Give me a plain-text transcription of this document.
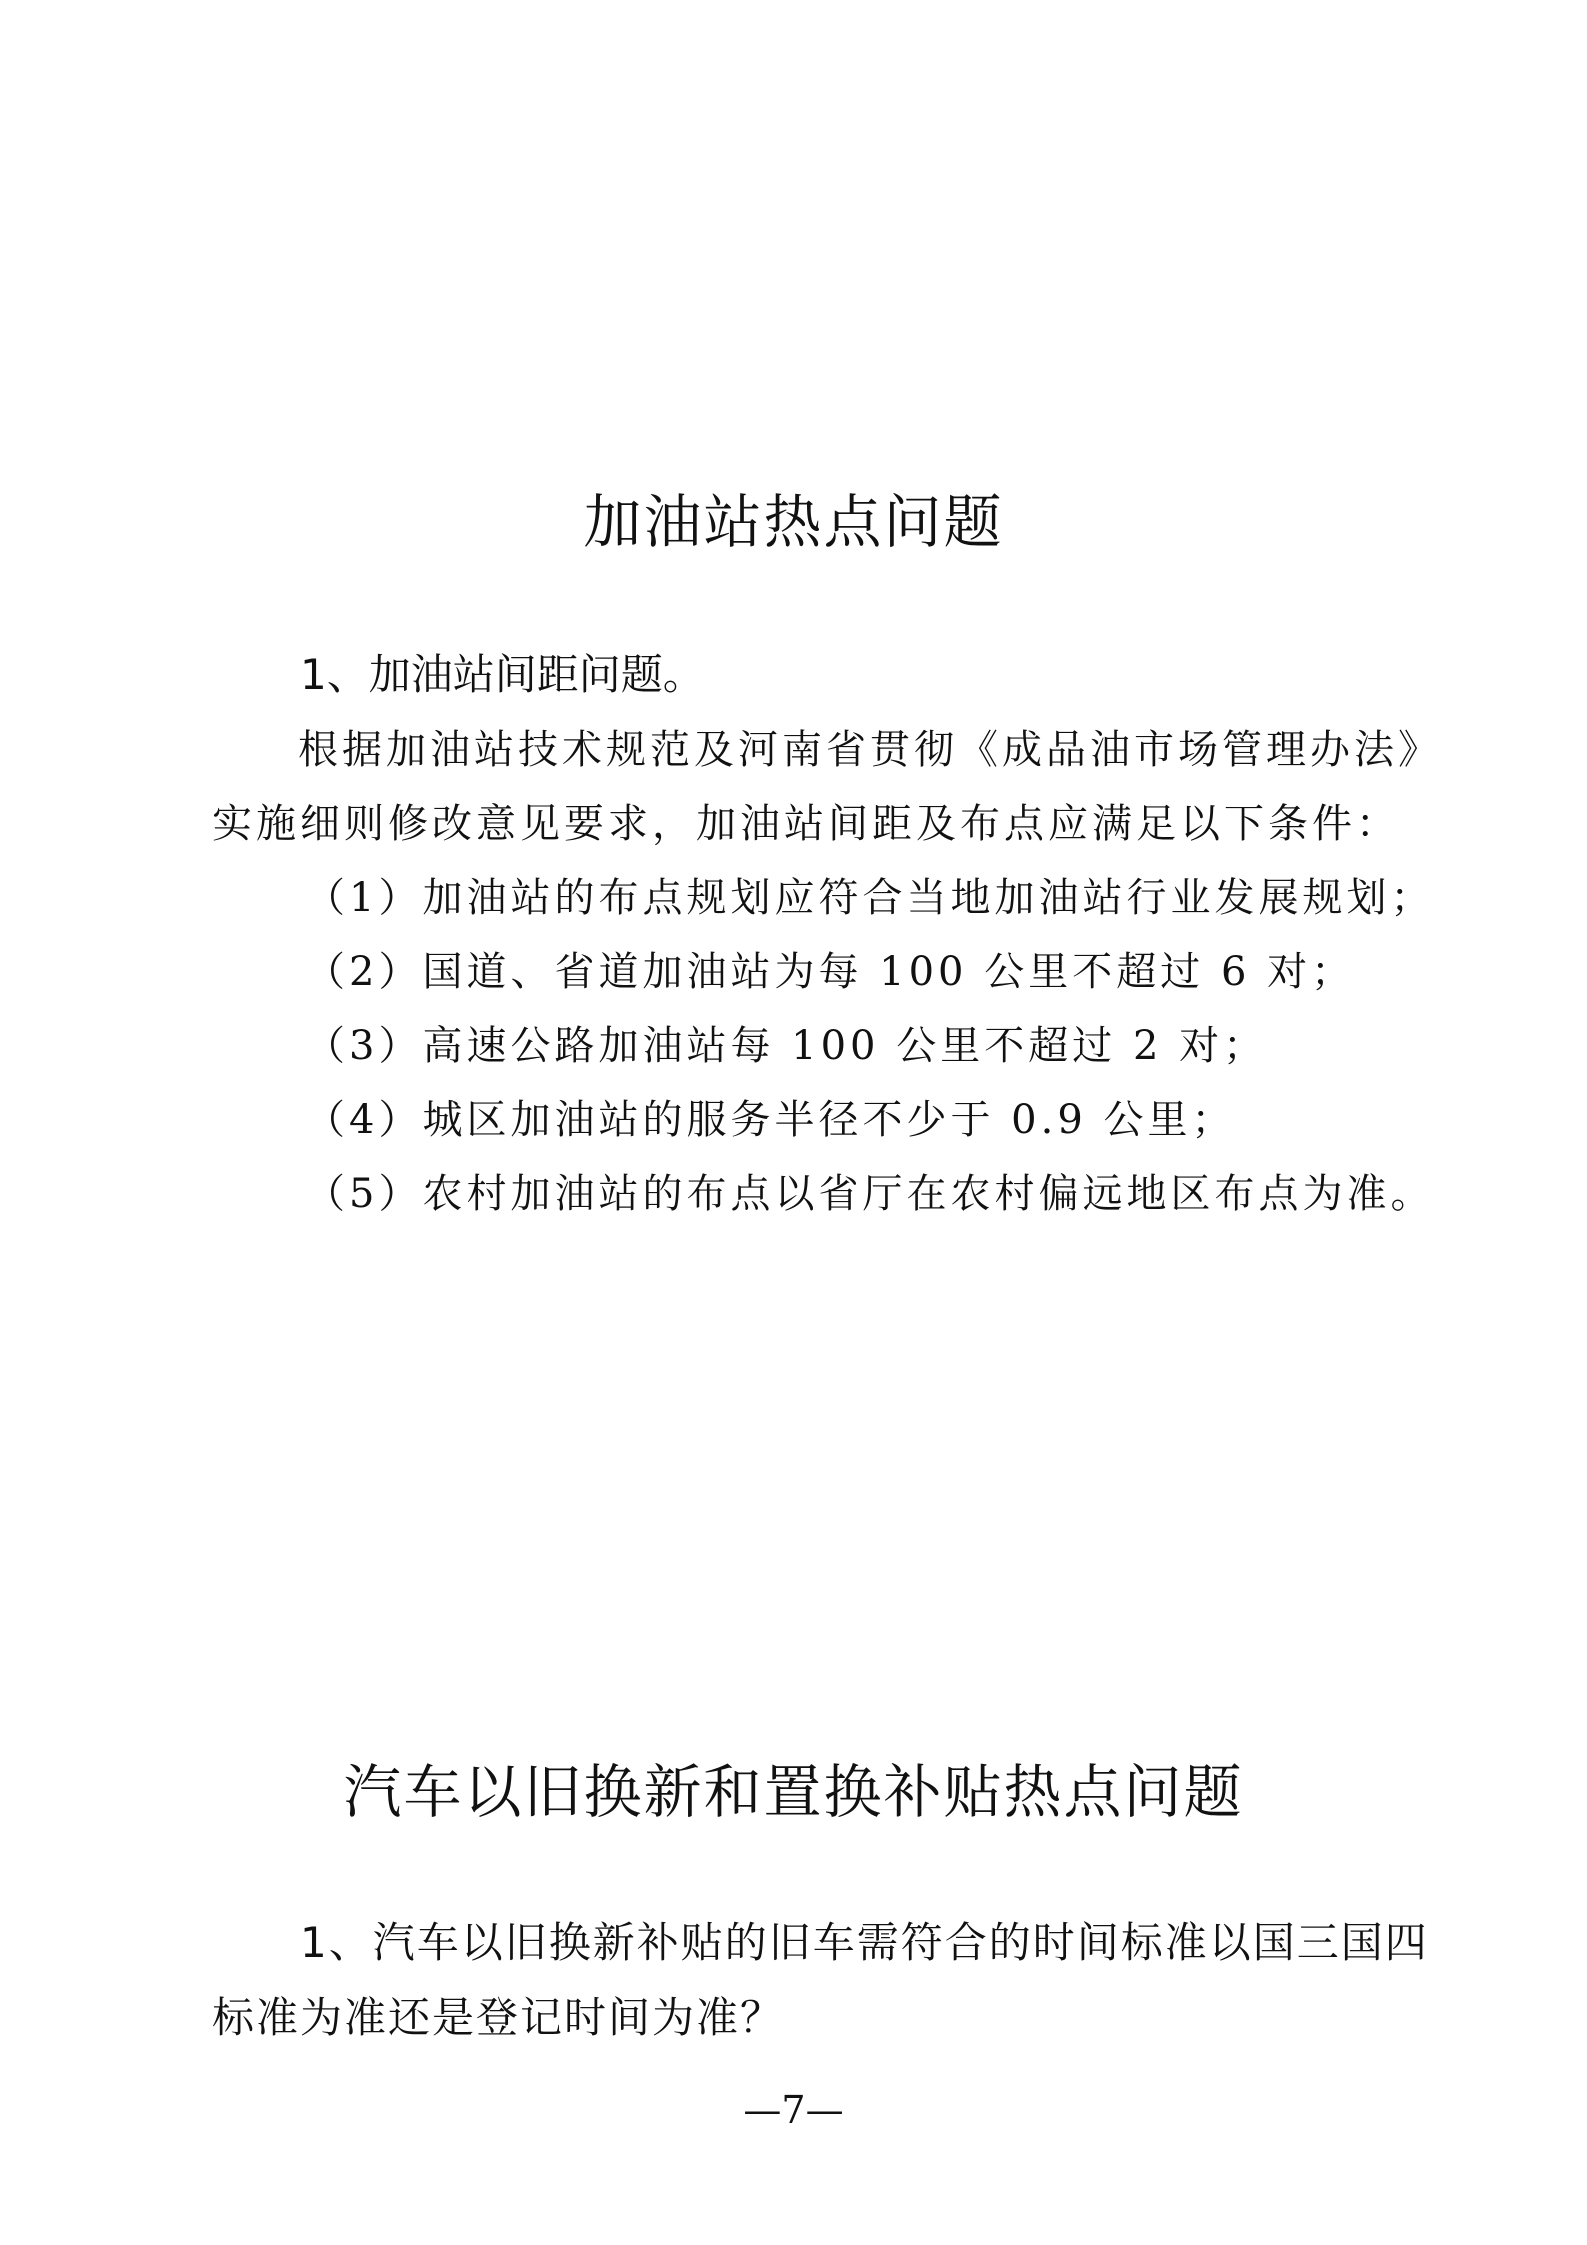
加油站热点问题

1、加油站间距问题。

根据加油站技术规范及河南省贯彻《成品油市场管理办法》

实施细则修改意见要求，加油站间距及布点应满足以下条件：

（1）加油站的布点规划应符合当地加油站行业发展规划；

（2）国道、省道加油站为每 100 公里不超过 6 对；

（3）高速公路加油站每 100 公里不超过 2 对；

（4）城区加油站的服务半径不少于 0.9 公里；

（5）农村加油站的布点以省厅在农村偏远地区布点为准。

汽车以旧换新和置换补贴热点问题

1、汽车以旧换新补贴的旧车需符合的时间标准以国三国四

标准为准还是登记时间为准？

—7—
